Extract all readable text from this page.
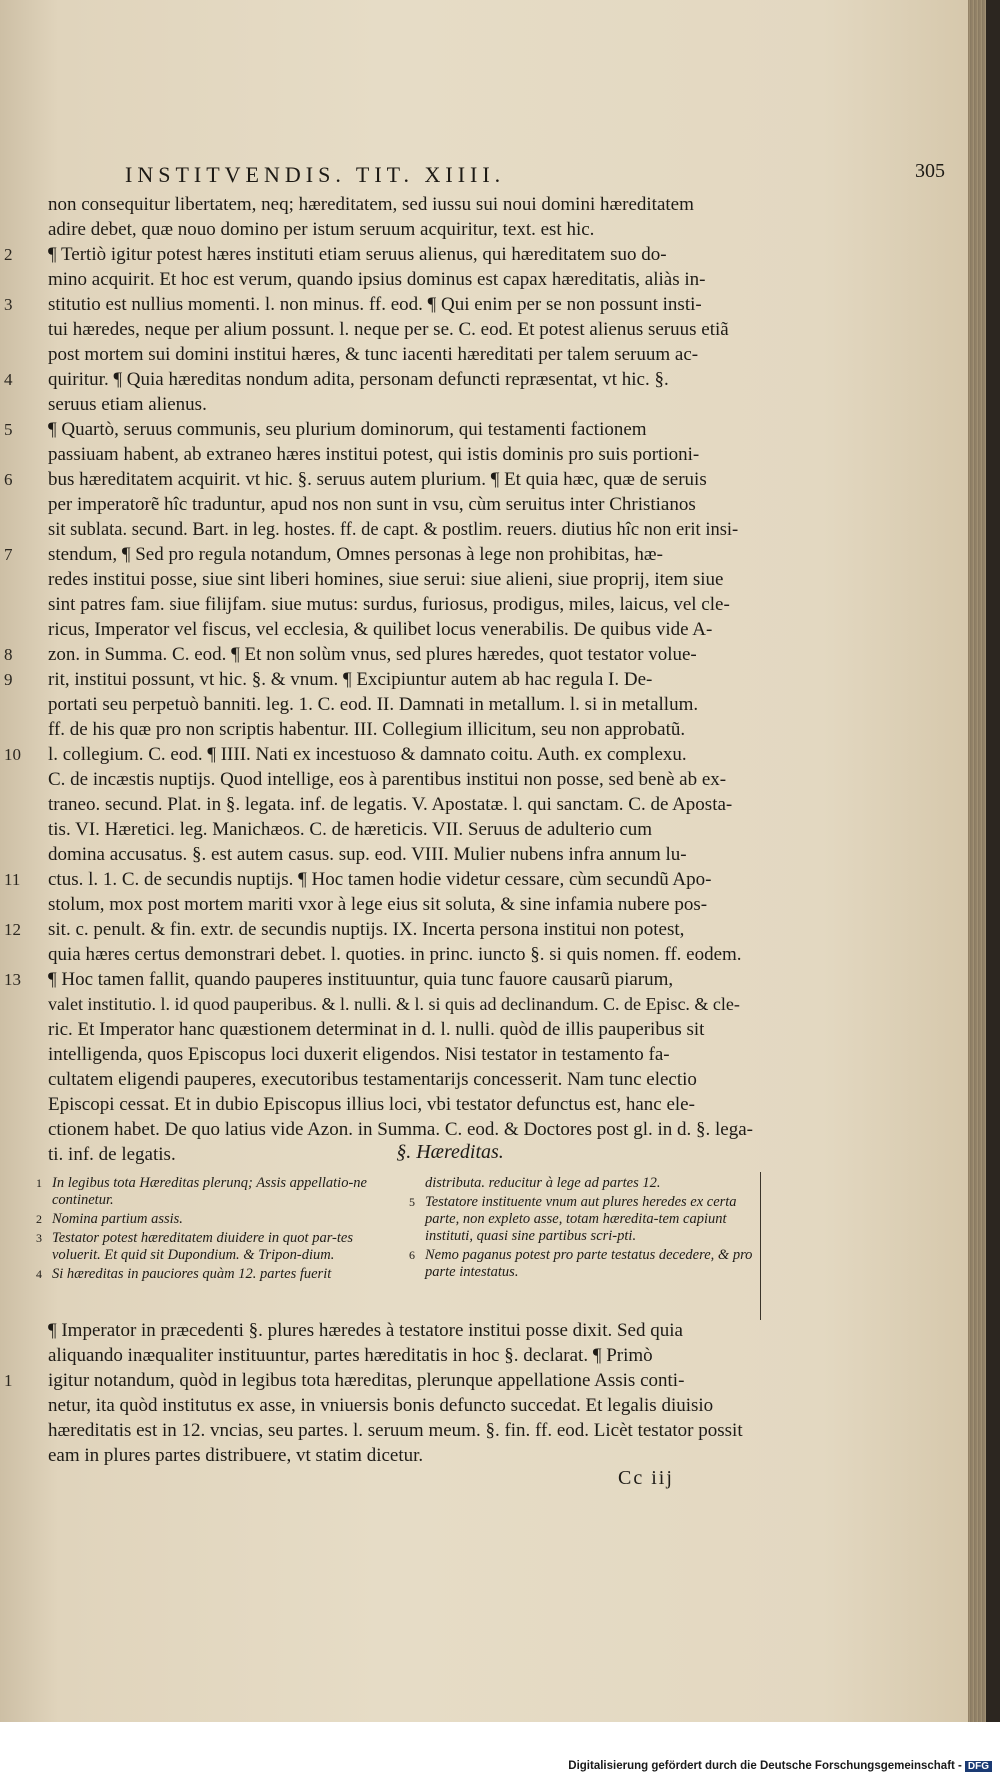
INSTITVENDIS. TIT. XIIII.	305
non consequitur libertatem, neq; hæreditatem, sed iussu sui noui domini hæreditatem
adire debet, quæ nouo domino per istum seruum acquiritur, text. est hic.
2	¶ Tertiò igitur potest hæres instituti etiam seruus alienus, qui hæreditatem suo do-
mino acquirit. Et hoc est verum, quando ipsius dominus est capax hæreditatis, aliàs in-
3	stitutio est nullius momenti. l. non minus. ff. eod. ¶ Qui enim per se non possunt insti-
tui hæredes, neque per alium possunt. l. neque per se. C. eod. Et potest alienus seruus etiã
post mortem sui domini institui hæres, & tunc iacenti hæreditati per talem seruum ac-
4	quiritur. ¶ Quia hæreditas nondum adita, personam defuncti repræsentat, vt hic. §.
seruus etiam alienus.
5	¶ Quartò, seruus communis, seu plurium dominorum, qui testamenti factionem
passiuam habent, ab extraneo hæres institui potest, qui istis dominis pro suis portioni-
6	bus hæreditatem acquirit. vt hic. §. seruus autem plurium. ¶ Et quia hæc, quæ de seruis
per imperatorẽ hîc traduntur, apud nos non sunt in vsu, cùm seruitus inter Christianos
sit sublata. secund. Bart. in leg. hostes. ff. de capt. & postlim. reuers. diutius hîc non erit insi-
7	stendum, ¶ Sed pro regula notandum, Omnes personas à lege non prohibitas, hæ-
redes institui posse, siue sint liberi homines, siue serui: siue alieni, siue proprij, item siue
sint patres fam. siue filijfam. siue mutus: surdus, furiosus, prodigus, miles, laicus, vel cle-
ricus, Imperator vel fiscus, vel ecclesia, & quilibet locus venerabilis. De quibus vide A-
8	zon. in Summa. C. eod. ¶ Et non solùm vnus, sed plures hæredes, quot testator volue-
9	rit, institui possunt, vt hic. §. & vnum. ¶ Excipiuntur autem ab hac regula I. De-
portati seu perpetuò banniti. leg. 1. C. eod. II. Damnati in metallum. l. si in metallum.
ff. de his quæ pro non scriptis habentur. III. Collegium illicitum, seu non approbatũ.
10	l. collegium. C. eod. ¶ IIII. Nati ex incestuoso & damnato coitu. Auth. ex complexu.
C. de incæstis nuptijs. Quod intellige, eos à parentibus institui non posse, sed benè ab ex-
traneo. secund. Plat. in §. legata. inf. de legatis. V. Apostatæ. l. qui sanctam. C. de Aposta-
tis. VI. Hæretici. leg. Manichæos. C. de hæreticis. VII. Seruus de adulterio cum
domina accusatus. §. est autem casus. sup. eod. VIII. Mulier nubens infra annum lu-
11	ctus. l. 1. C. de secundis nuptijs. ¶ Hoc tamen hodie videtur cessare, cùm secundũ Apo-
stolum, mox post mortem mariti vxor à lege eius sit soluta, & sine infamia nubere pos-
12	sit. c. penult. & fin. extr. de secundis nuptijs. IX. Incerta persona institui non potest,
quia hæres certus demonstrari debet. l. quoties. in princ. iuncto §. si quis nomen. ff. eodem.
13	¶ Hoc tamen fallit, quando pauperes instituuntur, quia tunc fauore causarũ piarum,
valet institutio. l. id quod pauperibus. & l. nulli. & l. si quis ad declinandum. C. de Episc. & cle-
ric. Et Imperator hanc quæstionem determinat in d. l. nulli. quòd de illis pauperibus sit
intelligenda, quos Episcopus loci duxerit eligendos. Nisi testator in testamento fa-
cultatem eligendi pauperes, executoribus testamentarijs concesserit. Nam tunc electio
Episcopi cessat. Et in dubio Episcopus illius loci, vbi testator defunctus est, hanc ele-
ctionem habet. De quo latius vide Azon. in Summa. C. eod. & Doctores post gl. in d. §. lega-
ti. inf. de legatis.	§. Hæreditas.
1 In legibus tota Hæreditas plerunq; Assis appellatio-ne continetur.
2 Nomina partium assis.
3 Testator potest hæreditatem diuidere in quot par-tes voluerit. Et quid sit Dupondium. & Tripon-dium.
4 Si hæreditas in pauciores quàm 12. partes fuerit
distributa. reducitur à lege ad partes 12.
5 Testatore instituente vnum aut plures heredes ex certa parte, non expleto asse, totam hæredita-tem capiunt instituti, quasi sine partibus scri-pti.
6 Nemo paganus potest pro parte testatus decedere, & pro parte intestatus.
¶ Imperator in præcedenti §. plures hæredes à testatore institui posse dixit. Sed quia
aliquando inæqualiter instituuntur, partes hæreditatis in hoc §. declarat. ¶ Primò
1	igitur notandum, quòd in legibus tota hæreditas, plerunque appellatione Assis conti-
netur, ita quòd institutus ex asse, in vniuersis bonis defuncto succedat. Et legalis diuisio
hæreditatis est in 12. vncias, seu partes. l. seruum meum. §. fin. ff. eod. Licèt testator possit
eam in plures partes distribuere, vt statim dicetur.
Cc iij
Digitalisierung gefördert durch die Deutsche Forschungsgemeinschaft - DFG
